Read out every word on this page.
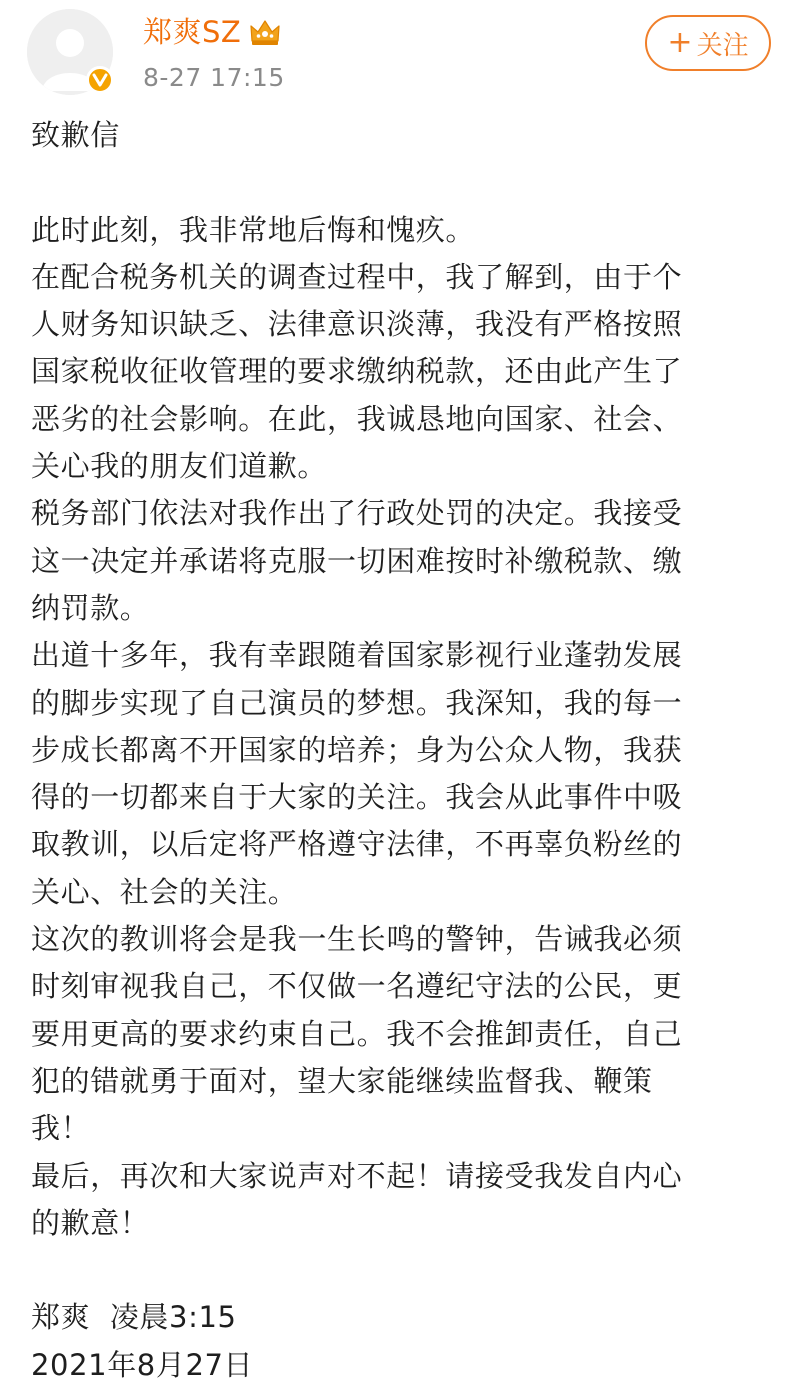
郑爽SZ
8-27 17:15
+ 关注
致歉信
此时此刻，我非常地后悔和愧疚。
在配合税务机关的调查过程中，我了解到，由于个
人财务知识缺乏、法律意识淡薄，我没有严格按照
国家税收征收管理的要求缴纳税款，还由此产生了
恶劣的社会影响。在此，我诚恳地向国家、社会、
关心我的朋友们道歉。
税务部门依法对我作出了行政处罚的决定。我接受
这一决定并承诺将克服一切困难按时补缴税款、缴
纳罚款。
出道十多年，我有幸跟随着国家影视行业蓬勃发展
的脚步实现了自己演员的梦想。我深知，我的每一
步成长都离不开国家的培养；身为公众人物，我获
得的一切都来自于大家的关注。我会从此事件中吸
取教训，以后定将严格遵守法律，不再辜负粉丝的
关心、社会的关注。
这次的教训将会是我一生长鸣的警钟，告诫我必须
时刻审视我自己，不仅做一名遵纪守法的公民，更
要用更高的要求约束自己。我不会推卸责任，自己
犯的错就勇于面对，望大家能继续监督我、鞭策
我！
最后，再次和大家说声对不起！请接受我发自内心
的歉意！
郑爽  凌晨3:15
2021年8月27日
